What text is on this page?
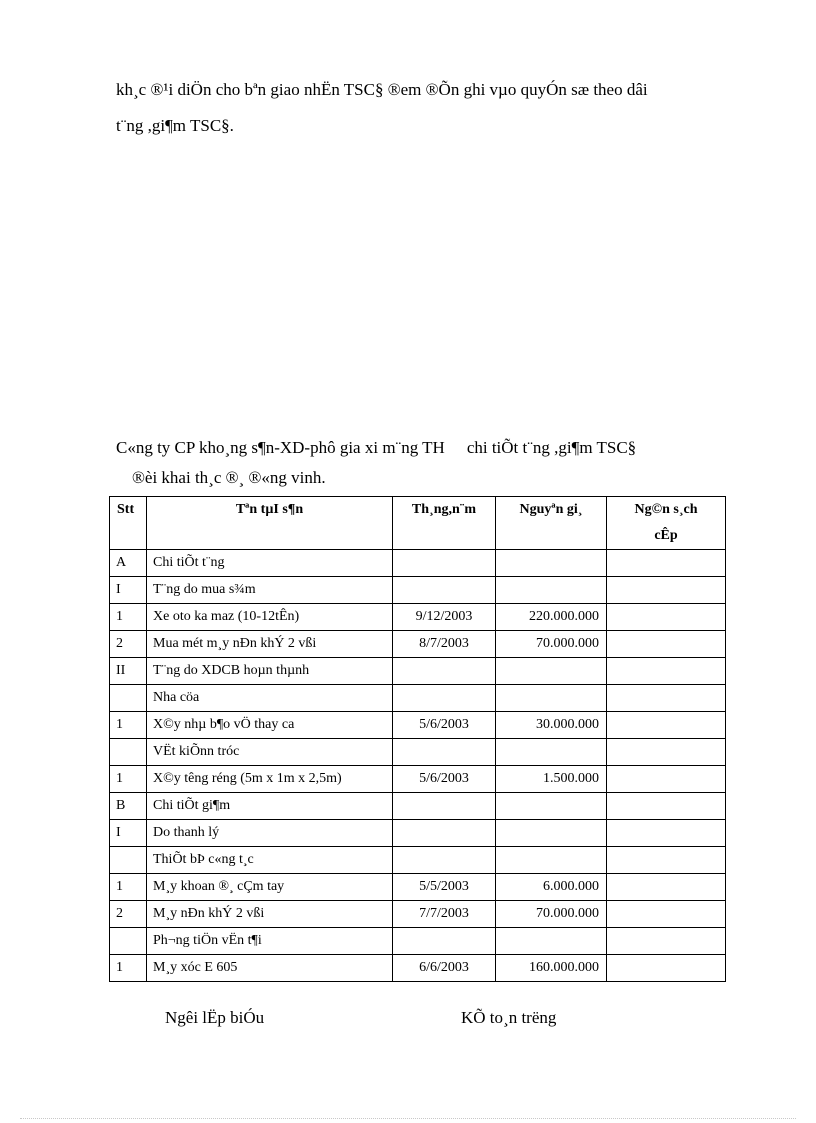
kh¸c ®¹i diÖn cho bªn giao nhËn TSC§ ®em ®Õn ghi vµo quyÓn sæ theo dâi
t¨ng ,gi¶m TSC§.
C«ng ty CP kho¸ng s¶n-XD-phô gia xi m¨ng TH chi tiÕt t¨ng ,gi¶m TSC§
®èi khai th¸c ®¸ ®«ng vinh.
Stt	Tªn tµI s¶n	Th¸ng,n¨m	Nguyªn gi¸	Ng©n s¸ch
cÊp

A	Chi tiÕt t¨ng			
I	T¨ng do mua s¾m			
1	Xe oto ka maz (10-12tÊn)	9/12/2003	220.000.000	
2	Mua mét m¸y nÐn khÝ 2 vßi	8/7/2003	70.000.000	
II	T¨ng do XDCB hoµn thµnh			
	Nha cöa			
1	X©y nhµ b¶o vÖ thay ca	5/6/2003	30.000.000	
	VËt kiÕnn tróc			
1	X©y têng réng (5m x 1m x 2,5m)	5/6/2003	1.500.000	
B	Chi tiÕt gi¶m			
I	Do thanh lý			
	ThiÕt bÞ c«ng t¸c			
1	M¸y khoan ®¸ cÇm tay	5/5/2003	6.000.000	
2	M¸y nÐn khÝ 2 vßi	7/7/2003	70.000.000	
	Ph¬ng tiÖn vËn t¶i			
1	M¸y xóc E 605	6/6/2003	160.000.000	
Ngêi lËp biÓu	KÕ to¸n trëng
